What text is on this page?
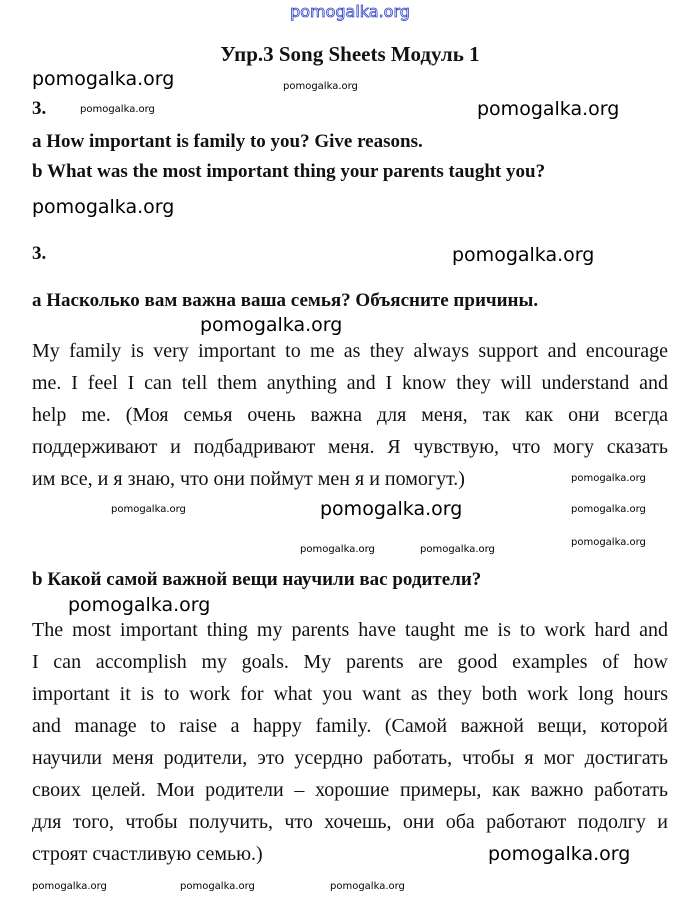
pomogalka.org
Упр.3 Song Sheets Модуль 1
3.
a How important is family to you? Give reasons.
b What was the most important thing your parents taught you?
3.
а Насколько вам важна ваша семья? Объясните причины.
My family is very important to me as they always support and encourage
me. I feel I can tell them anything and I know they will understand and
help me. (Моя семья очень важна для меня, так как они всегда
поддерживают и подбадривают меня. Я чувствую, что могу сказать
им все, и я знаю, что они поймут мен я и помогут.)
b Какой самой важной вещи научили вас родители?
The most important thing my parents have taught me is to work hard and
I can accomplish my goals. My parents are good examples of how
important it is to work for what you want as they both work long hours
and manage to raise a happy family. (Самой важной вещи, которой
научили меня родители, это усердно работать, чтобы я мог достигать
своих целей. Мои родители – хорошие примеры, как важно работать
для того, чтобы получить, что хочешь, они оба работают подолгу и
строят счастливую семью.)
pomogalka.org	pomogalka.org
pomogalka.org
pomogalka.org
pomogalka.org
pomogalka.org
pomogalka.org
pomogalka.org
pomogalka.org
pomogalka.org	pomogalka.org
pomogalka.org
pomogalka.org	pomogalka.org
pomogalka.org
pomogalka.org
pomogalka.org	pomogalka.org	pomogalka.org
